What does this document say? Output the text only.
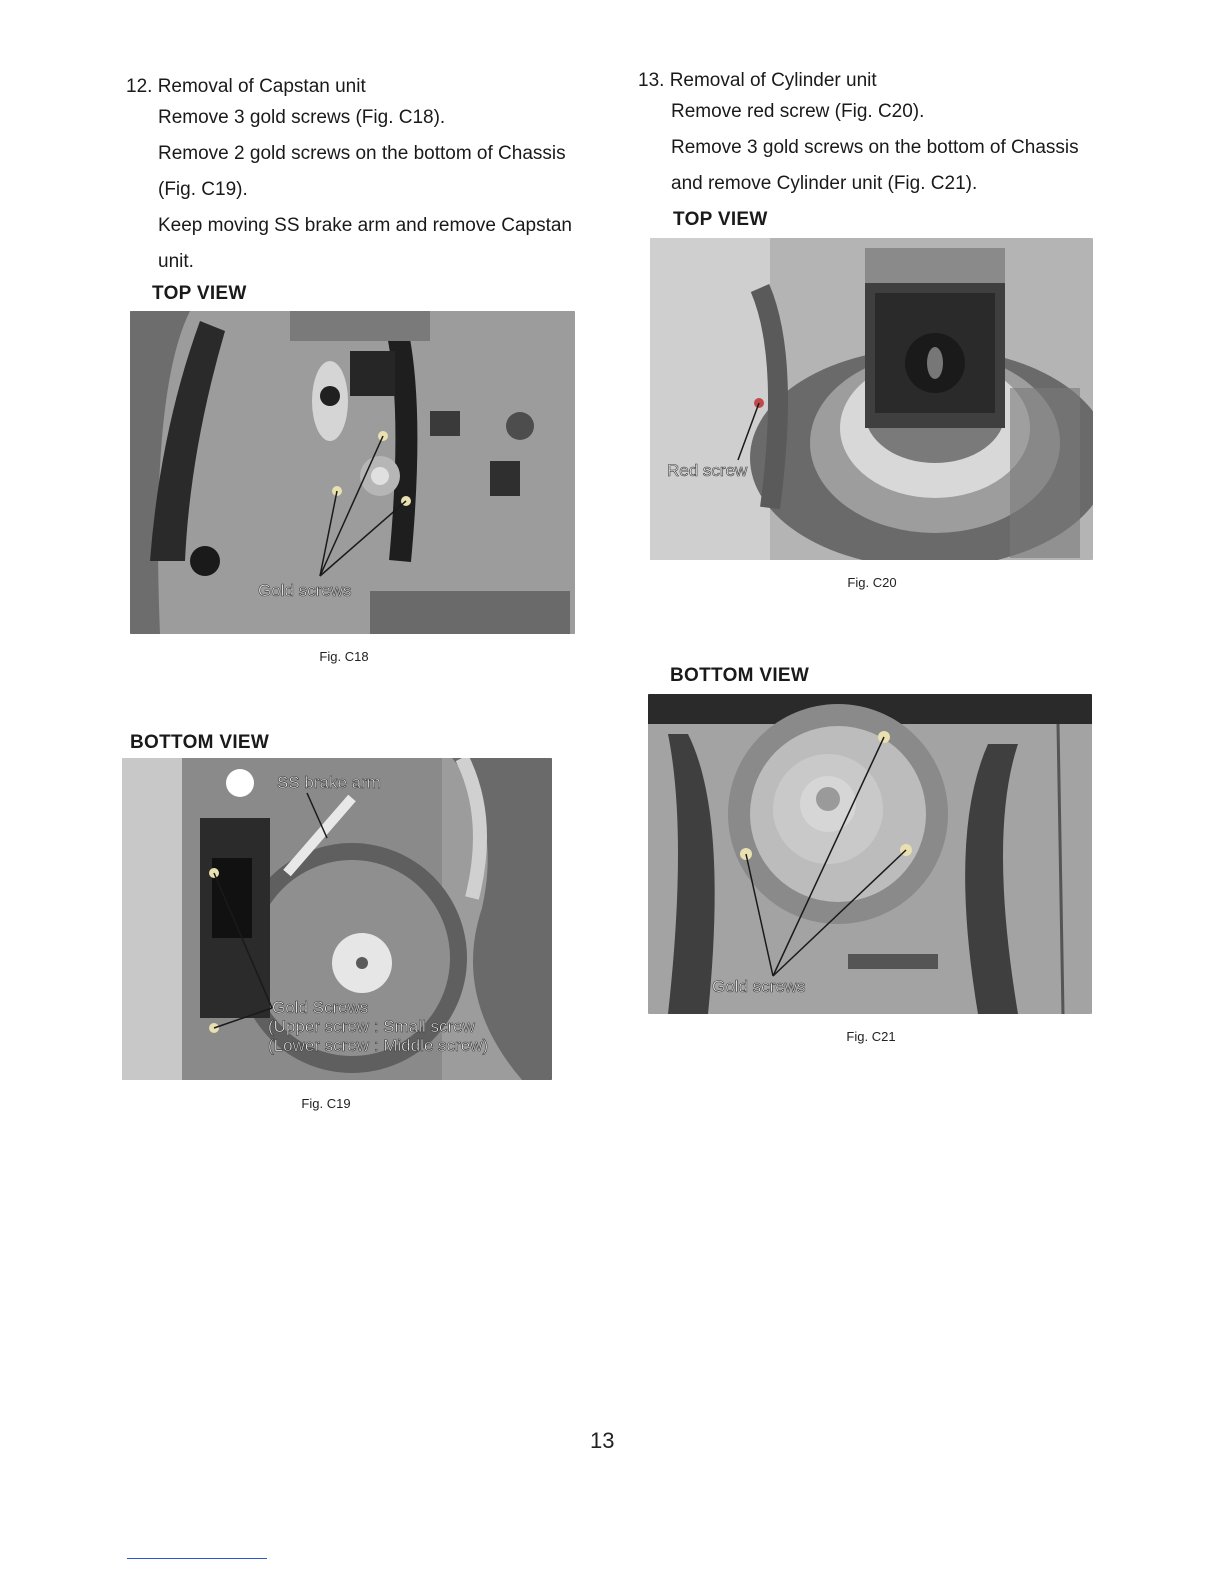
12. Removal of Capstan unit

Remove 3 gold screws (Fig. C18).

Remove 2 gold screws on the bottom of Chassis

(Fig. C19).

Keep moving SS brake arm and remove Capstan

unit.

TOP VIEW
Gold screws
Fig. C18
BOTTOM VIEW
SS brake arm
Gold Screws
(Upper screw : Small screw
(Lower screw : Middle screw)
Fig. C19
13. Removal of Cylinder unit

Remove red screw (Fig. C20).

Remove 3 gold screws on the bottom of Chassis

and remove Cylinder unit (Fig. C21).

TOP VIEW
Red screw
Fig. C20
BOTTOM VIEW
Gold screws
Fig. C21
13
